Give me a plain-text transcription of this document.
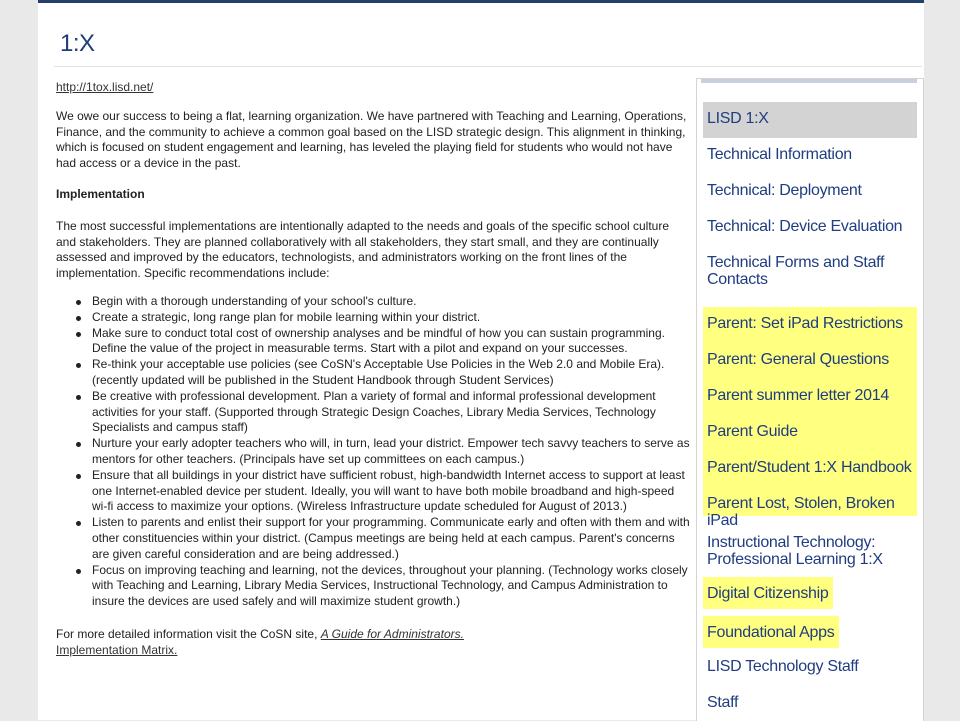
1:X

http://1tox.lisd.net/

We owe our success to being a flat, learning organization. We have partnered with Teaching and Learning, Operations, Finance, and the community to achieve a common goal based on the LISD strategic design. This alignment in thinking, which is focused on student engagement and learning, has leveled the playing field for students who would not have had access or a device in the past.

Implementation

The most successful implementations are intentionally adapted to the needs and goals of the specific school culture and stakeholders. They are planned collaboratively with all stakeholders, they start small, and they are continually assessed and improved by the educators, technologists, and administrators working on the front lines of the implementation. Specific recommendations include:

Begin with a thorough understanding of your school's culture.
Create a strategic, long range plan for mobile learning within your district.
Make sure to conduct total cost of ownership analyses and be mindful of how you can sustain programming. Define the value of the project in measurable terms. Start with a pilot and expand on your successes.
Re-think your acceptable use policies (see CoSN's Acceptable Use Policies in the Web 2.0 and Mobile Era). (recently updated will be published in the Student Handbook through Student Services)
Be creative with professional development. Plan a variety of formal and informal professional development activities for your staff. (Supported through Strategic Design Coaches, Library Media Services, Technology Specialists and campus staff)
Nurture your early adopter teachers who will, in turn, lead your district. Empower tech savvy teachers to serve as mentors for other teachers. (Principals have set up committees on each campus.)
Ensure that all buildings in your district have sufficient robust, high-bandwidth Internet access to support at least one Internet-enabled device per student. Ideally, you will want to have both mobile broadband and high-speed wi-fi access to maximize your options. (Wireless Infrastructure update scheduled for August of 2013.)
Listen to parents and enlist their support for your programming. Communicate early and often with them and with other constituencies within your district. (Campus meetings are being held at each campus. Parent's concerns are given careful consideration and are being addressed.)
Focus on improving teaching and learning, not the devices, throughout your planning. (Technology works closely with Teaching and Learning, Library Media Services, Instructional Technology, and Campus Administration to insure the devices are used safely and will maximize student growth.)

For more detailed information visit the CoSN site, A Guide for Administrators.
Implementation Matrix.

LISD 1:X
Technical Information
Technical: Deployment
Technical: Device Evaluation
Technical Forms and Staff Contacts
Parent: Set iPad Restrictions
Parent: General Questions
Parent summer letter 2014
Parent Guide
Parent/Student 1:X Handbook
Parent Lost, Stolen, Broken iPad
Instructional Technology: Professional Learning 1:X
Digital Citizenship
Foundational Apps
LISD Technology Staff
Staff
